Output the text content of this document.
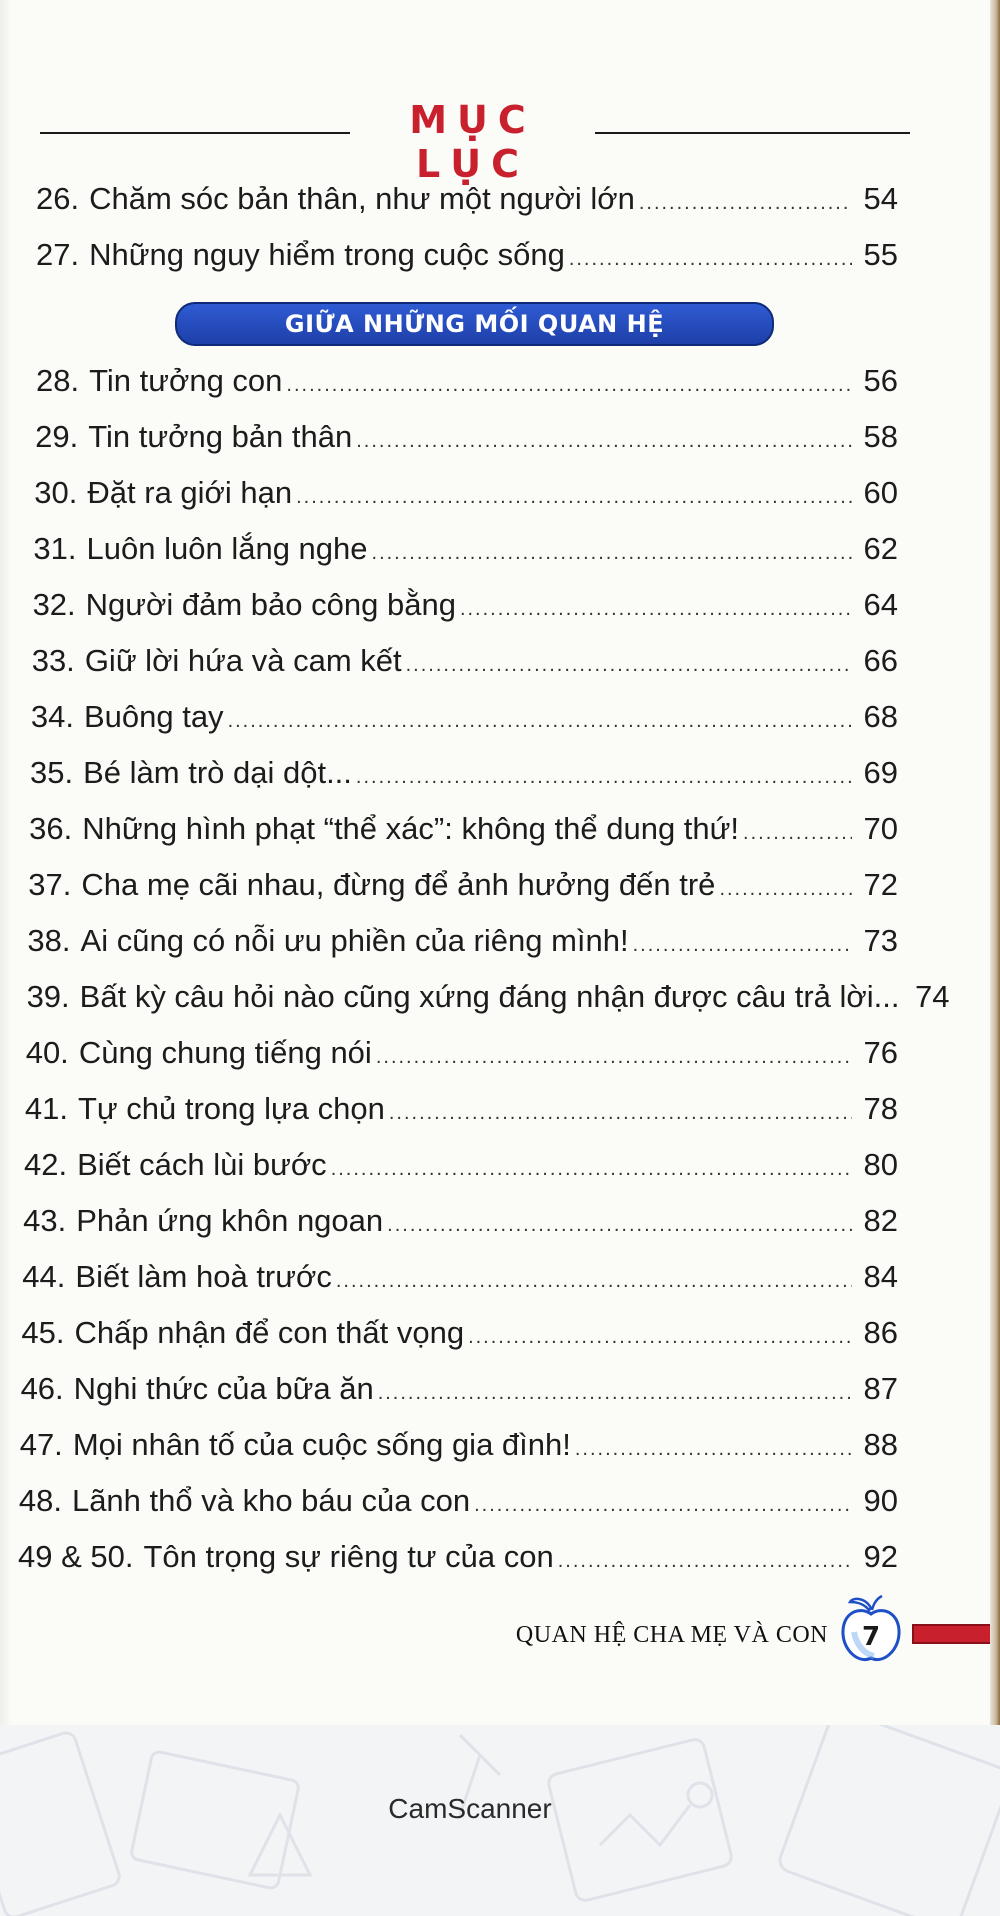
MỤC LỤC
26. Chăm sóc bản thân, như một người lớn .....	54
27. Những nguy hiểm trong cuộc sống .....	55
28. Tin tưởng con .....	56
29. Tin tưởng bản thân .....	58
30. Đặt ra giới hạn .....	60
31. Luôn luôn lắng nghe .....	62
32. Người đảm bảo công bằng .....	64
33. Giữ lời hứa và cam kết .....	66
34. Buông tay .....	68
35. Bé làm trò dại dột... .....	69
36. Những hình phạt “thể xác”: không thể dung thứ! .....	70
37. Cha mẹ cãi nhau, đừng để ảnh hưởng đến trẻ .....	72
38. Ai cũng có nỗi ưu phiền của riêng mình! .....	73
39. Bất kỳ câu hỏi nào cũng xứng đáng nhận được câu trả lời... 74
40. Cùng chung tiếng nói .....	76
41. Tự chủ trong lựa chọn .....	78
42. Biết cách lùi bước .....	80
43. Phản ứng khôn ngoan .....	82
44. Biết làm hoà trước .....	84
45. Chấp nhận để con thất vọng .....	86
46. Nghi thức của bữa ăn .....	87
47. Mọi nhân tố của cuộc sống gia đình! .....	88
48. Lãnh thổ và kho báu của con .....	90
49 & 50. Tôn trọng sự riêng tư của con .....	92
GIỮA NHỮNG MỐI QUAN HỆ
QUAN HỆ CHA MẸ VÀ CON 7
CamScanner
